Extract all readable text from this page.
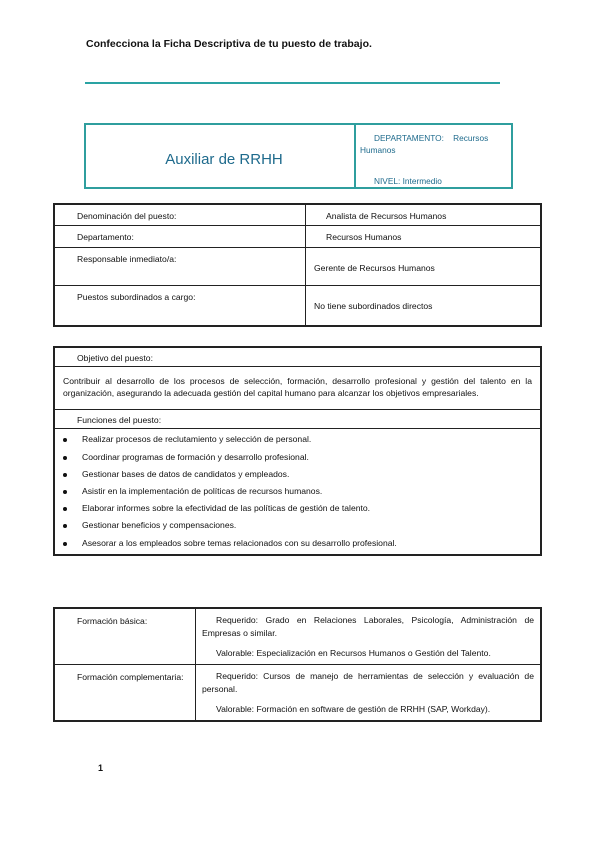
Confecciona la Ficha Descriptiva de tu puesto de trabajo.
Auxiliar de RRHH
DEPARTAMENTO: Recursos Humanos
NIVEL: Intermedio
Denominación del puesto:	Analista de Recursos Humanos
Departamento:	Recursos Humanos
Responsable inmediato/a:	Gerente de Recursos Humanos
Puestos subordinados a cargo:	No tiene subordinados directos
Objetivo del puesto:
Contribuir al desarrollo de los procesos de selección, formación, desarrollo profesional y gestión del talento en la organización, asegurando la adecuada gestión del capital humano para alcanzar los objetivos empresariales.
Funciones del puesto:

Realizar procesos de reclutamiento y selección de personal.
Coordinar programas de formación y desarrollo profesional.
Gestionar bases de datos de candidatos y empleados.
Asistir en la implementación de políticas de recursos humanos.
Elaborar informes sobre la efectividad de las políticas de gestión de talento.
Gestionar beneficios y compensaciones.
Asesorar a los empleados sobre temas relacionados con su desarrollo profesional.
Formación básica:	Requerido: Grado en Relaciones Laborales, Psicología, Administración de Empresas o similar.

Valorable: Especialización en Recursos Humanos o Gestión del Talento.

Formación complementaria:	Requerido: Cursos de manejo de herramientas de selección y evaluación de personal.

Valorable: Formación en software de gestión de RRHH (SAP, Workday).

1
